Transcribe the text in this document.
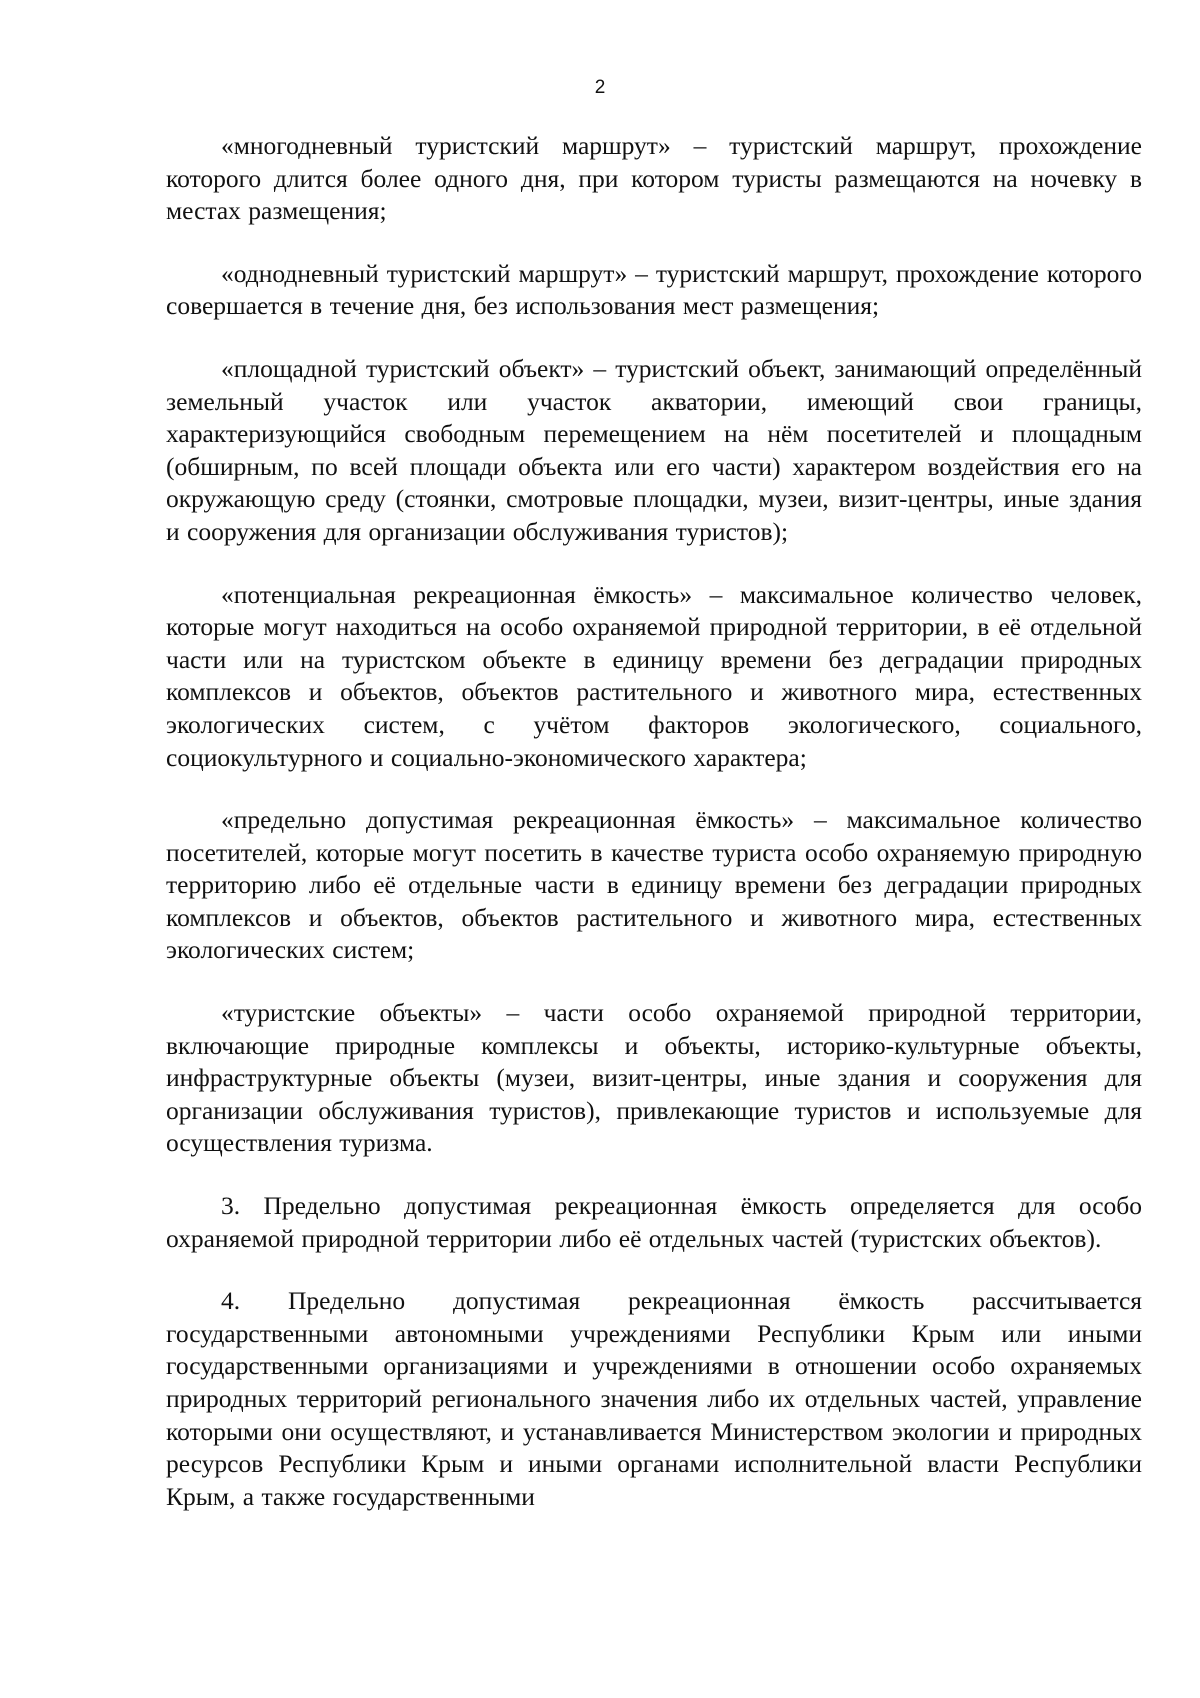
2

«многодневный туристский маршрут» – туристский маршрут, прохождение которого длится более одного дня, при котором туристы размещаются на ночевку в местах размещения;

«однодневный туристский маршрут» – туристский маршрут, прохождение которого совершается в течение дня, без использования мест размещения;

«площадной туристский объект» – туристский объект, занимающий определённый земельный участок или участок акватории, имеющий свои границы, характеризующийся свободным перемещением на нём посетителей и площадным (обширным, по всей площади объекта или его части) характером воздействия его на окружающую среду (стоянки, смотровые площадки, музеи, визит-центры, иные здания и сооружения для организации обслуживания туристов);

«потенциальная рекреационная ёмкость» – максимальное количество человек, которые могут находиться на особо охраняемой природной территории, в её отдельной части или на туристском объекте в единицу времени без деградации природных комплексов и объектов, объектов растительного и животного мира, естественных экологических систем, с учётом факторов экологического, социального, социокультурного и социально-экономического характера;

«предельно допустимая рекреационная ёмкость» – максимальное количество посетителей, которые могут посетить в качестве туриста особо охраняемую природную территорию либо её отдельные части в единицу времени без деградации природных комплексов и объектов, объектов растительного и животного мира, естественных экологических систем;

«туристские объекты» – части особо охраняемой природной территории, включающие природные комплексы и объекты, историко-культурные объекты, инфраструктурные объекты (музеи, визит-центры, иные здания и сооружения для организации обслуживания туристов), привлекающие туристов и используемые для осуществления туризма.

3. Предельно допустимая рекреационная ёмкость определяется для особо охраняемой природной территории либо её отдельных частей (туристских объектов).

4. Предельно допустимая рекреационная ёмкость рассчитывается государственными автономными учреждениями Республики Крым или иными государственными организациями и учреждениями в отношении особо охраняемых природных территорий регионального значения либо их отдельных частей, управление которыми они осуществляют, и устанавливается Министерством экологии и природных ресурсов Республики Крым и иными органами исполнительной власти Республики Крым, а также государственными
